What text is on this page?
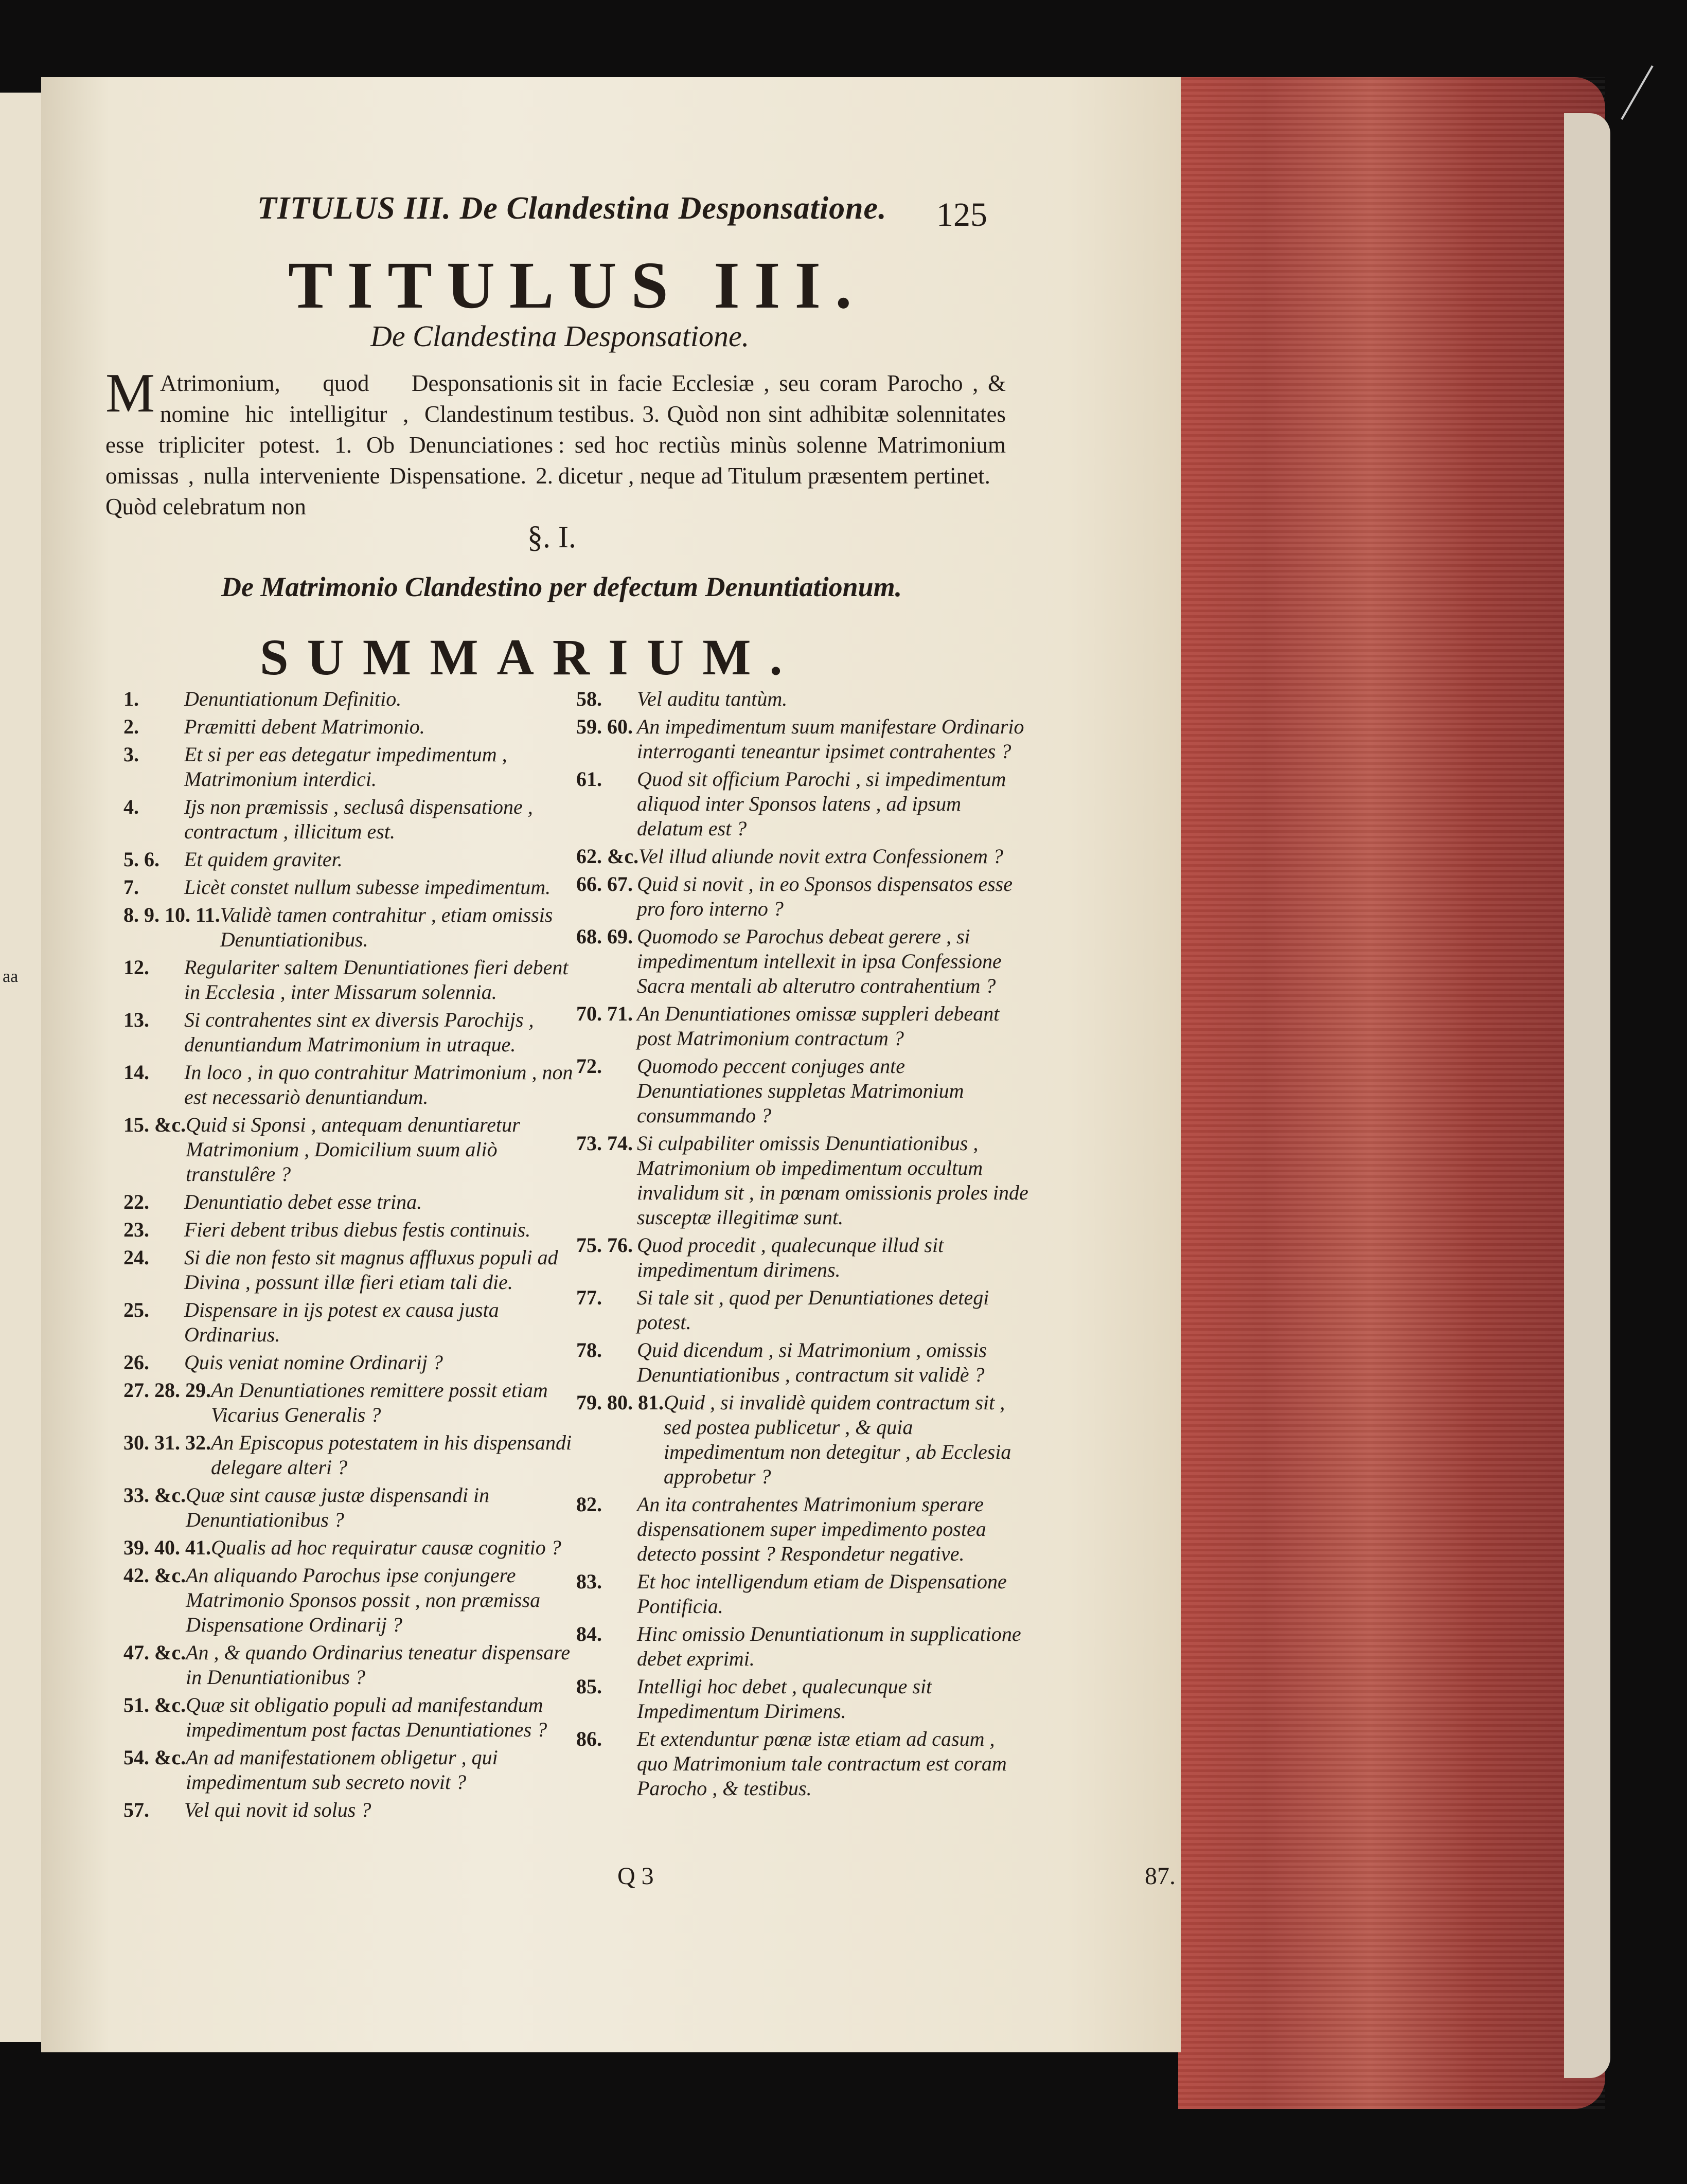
aa
TITULUS III. De Clandestina Desponsatione. 125
TITULUS III.
De Clandestina Desponsatione.
M Atrimonium, quod Desponsationis nomine hic intelligitur , Clandestinum esse tripliciter potest. 1. Ob Denunciationes omissas , nulla interveniente Dispensatione. 2. Quòd celebratum non
sit in facie Ecclesiæ , seu coram Parocho , & testibus. 3. Quòd non sint adhibitæ solennitates : sed hoc rectiùs minùs solenne Matrimonium dicetur , neque ad Titulum præsentem pertinet.
§. I.
De Matrimonio Clandestino per defectum Denuntiationum.
SUMMARIUM.
1.	Denuntiationum Definitio.
2.	Præmitti debent Matrimonio.
3.	Et si per eas detegatur impedimentum , Matrimonium interdici.
4.	Ijs non præmissis , seclusâ dispensatione , contractum , illicitum est.
5. 6.	Et quidem graviter.
7.	Licèt constet nullum subesse impedimentum.
8. 9. 10. 11. Validè tamen contrahitur , etiam omissis Denuntiationibus.
12.	Regulariter saltem Denuntiationes fieri debent in Ecclesia , inter Missarum solennia.
13.	Si contrahentes sint ex diversis Parochijs , denuntiandum Matrimonium in utraque.
14.	In loco , in quo contrahitur Matrimonium , non est necessariò denuntiandum.
15. &c. Quid si Sponsi , antequam denuntiaretur Matrimonium , Domicilium suum aliò transtulêre ?
22.	Denuntiatio debet esse trina.
23.	Fieri debent tribus diebus festis continuis.
24.	Si die non festo sit magnus affluxus populi ad Divina , possunt illæ fieri etiam tali die.
25.	Dispensare in ijs potest ex causa justa Ordinarius.
26.	Quis veniat nomine Ordinarij ?
27. 28. 29. An Denuntiationes remittere possit etiam Vicarius Generalis ?
30. 31. 32. An Episcopus potestatem in his dispensandi delegare alteri ?
33. &c. Quæ sint causæ justæ dispensandi in Denuntiationibus ?
39. 40. 41. Qualis ad hoc requiratur causæ cognitio ?
42. &c. An aliquando Parochus ipse conjungere Matrimonio Sponsos possit , non præmissa Dispensatione Ordinarij ?
47. &c. An , & quando Ordinarius teneatur dispensare in Denuntiationibus ?
51. &c. Quæ sit obligatio populi ad manifestandum impedimentum post factas Denuntiationes ?
54. &c. An ad manifestationem obligetur , qui impedimentum sub secreto novit ?
57.	Vel qui novit id solus ?
58.	Vel auditu tantùm.
59. 60. An impedimentum suum manifestare Ordinario interroganti teneantur ipsimet contrahentes ?
61.	Quod sit officium Parochi , si impedimentum aliquod inter Sponsos latens , ad ipsum delatum est ?
62. &c. Vel illud aliunde novit extra Confessionem ?
66. 67. Quid si novit , in eo Sponsos dispensatos esse pro foro interno ?
68. 69. Quomodo se Parochus debeat gerere , si impedimentum intellexit in ipsa Confessione Sacra mentali ab alterutro contrahentium ?
70. 71. An Denuntiationes omissæ suppleri debeant post Matrimonium contractum ?
72.	Quomodo peccent conjuges ante Denuntiationes suppletas Matrimonium consummando ?
73. 74. Si culpabiliter omissis Denuntiationibus , Matrimonium ob impedimentum occultum invalidum sit , in pœnam omissionis proles inde susceptæ illegitimæ sunt.
75. 76. Quod procedit , qualecunque illud sit impedimentum dirimens.
77.	Si tale sit , quod per Denuntiationes detegi potest.
78.	Quid dicendum , si Matrimonium , omissis Denuntiationibus , contractum sit validè ?
79. 80. 81. Quid , si invalidè quidem contractum sit , sed postea publicetur , & quia impedimentum non detegitur , ab Ecclesia approbetur ?
82.	An ita contrahentes Matrimonium sperare dispensationem super impedimento postea detecto possint ? Respondetur negative.
83.	Et hoc intelligendum etiam de Dispensatione Pontificia.
84.	Hinc omissio Denuntiationum in supplicatione debet exprimi.
85.	Intelligi hoc debet , qualecunque sit Impedimentum Dirimens.
86.	Et extenduntur pœnæ istæ etiam ad casum , quo Matrimonium tale contractum est coram Parocho , & testibus.
Q 3	87.
